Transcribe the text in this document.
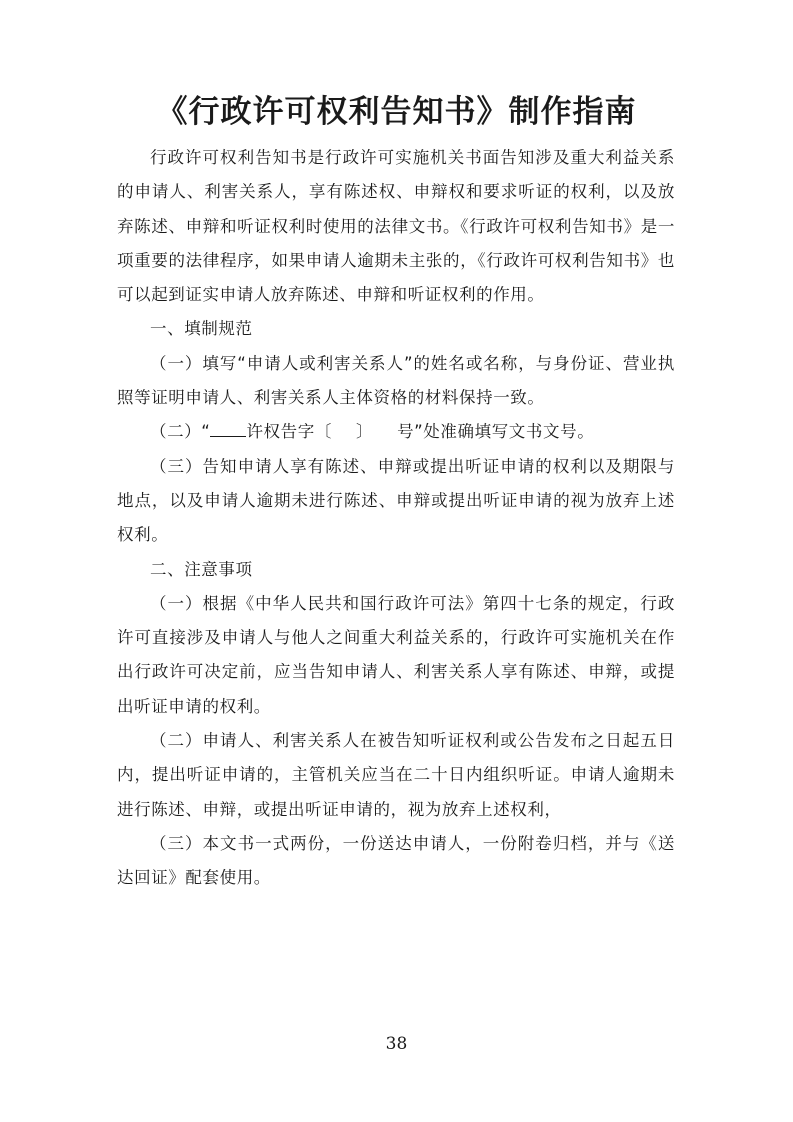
《行政许可权利告知书》制作指南

行政许可权利告知书是行政许可实施机关书面告知涉及重大利益关系的申请人、利害关系人，享有陈述权、申辩权和要求听证的权利，以及放弃陈述、申辩和听证权利时使用的法律文书。《行政许可权利告知书》是一项重要的法律程序，如果申请人逾期未主张的，《行政许可权利告知书》也可以起到证实申请人放弃陈述、申辩和听证权利的作用。

一、填制规范

（一）填写“申请人或利害关系人”的姓名或名称，与身份证、营业执照等证明申请人、利害关系人主体资格的材料保持一致。

（二）“ 许权告字〔 〕 号”处准确填写文书文号。

（三）告知申请人享有陈述、申辩或提出听证申请的权利以及期限与地点，以及申请人逾期未进行陈述、申辩或提出听证申请的视为放弃上述权利。

二、注意事项

（一）根据《中华人民共和国行政许可法》第四十七条的规定，行政许可直接涉及申请人与他人之间重大利益关系的，行政许可实施机关在作出行政许可决定前，应当告知申请人、利害关系人享有陈述、申辩，或提出听证申请的权利。

（二）申请人、利害关系人在被告知听证权利或公告发布之日起五日内，提出听证申请的，主管机关应当在二十日内组织听证。申请人逾期未进行陈述、申辩，或提出听证申请的，视为放弃上述权利，

（三）本文书一式两份，一份送达申请人，一份附卷归档，并与《送达回证》配套使用。

38
